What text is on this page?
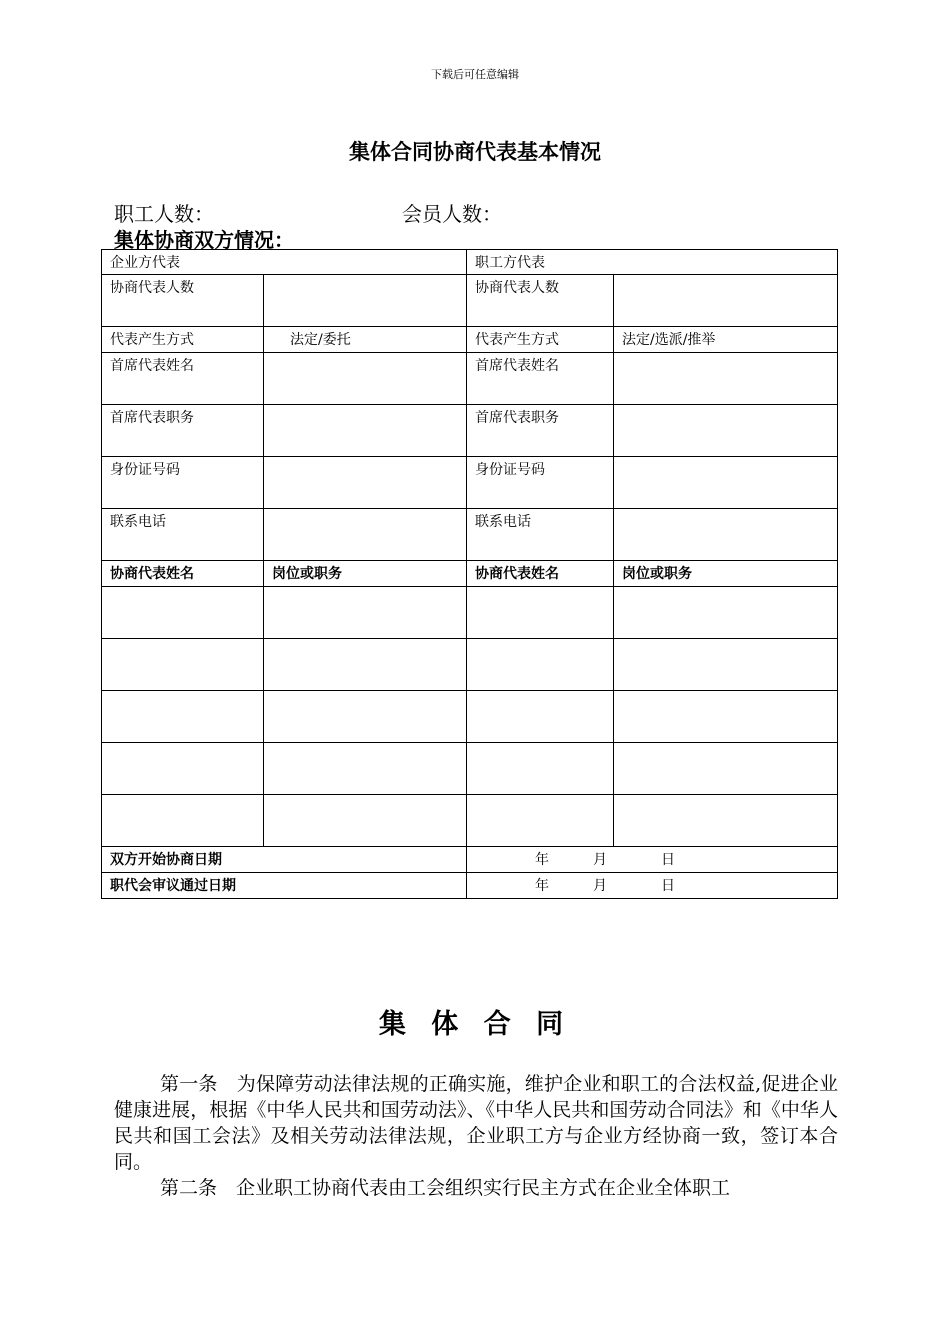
下载后可任意编辑
集体合同协商代表基本情况
职工人数：	会员人数：
集体协商双方情况：
企业方代表		职工方代表	
协商代表人数		协商代表人数	
代表产生方式	法定/委托	代表产生方式	法定/选派/推举
首席代表姓名		首席代表姓名	
首席代表职务		首席代表职务	
身份证号码		身份证号码	
联系电话		联系电话	
协商代表姓名	岗位或职务	协商代表姓名	岗位或职务

双方开始协商日期		年 月 日	

职代会审议通过日期		年 月 日	
集 体 合 同
第一条　为保障劳动法律法规的正确实施，维护企业和职工的合法权益,促进企业健康进展，根据《中华人民共和国劳动法》、《中华人民共和国劳动合同法》和《中华人民共和国工会法》及相关劳动法律法规，企业职工方与企业方经协商一致，签订本合同。
第二条　企业职工协商代表由工会组织实行民主方式在企业全体职工
